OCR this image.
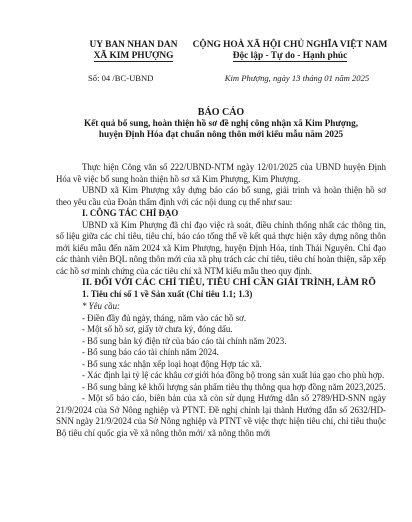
UY BAN NHAN DAN
XÃ KIM PHƯỢNG
CỘNG HOÀ XÃ HỘI CHỦ NGHĨA VIỆT NAM
Độc lập - Tự do - Hạnh phúc
Số: 04 /BC-UBND	Kim Phượng, ngày 13 tháng 01 năm 2025
BÁO CÁO
Kết quả bổ sung, hoàn thiện hồ sơ đề nghị công nhận xã Kim Phượng,
huyện Định Hóa đạt chuẩn nông thôn mới kiểu mẫu năm 2025

Thực hiện Công văn số 222/UBND-NTM ngày 12/01/2025 của UBND huyện Định Hóa về việc bổ sung hoàn thiện hồ sơ xã Kim Phượng, Kim Phượng.

UBND xã Kim Phượng xây dựng báo cáo bổ sung, giải trình và hoàn thiện hồ sơ theo yêu cầu của Đoàn thẩm định với các nội dung cụ thể như sau:

I. CÔNG TÁC CHỈ ĐẠO

UBND xã Kim Phượng đã chỉ đạo việc rà soát, điều chỉnh thống nhất các thông tin, số liệu giữa các chỉ tiêu, tiêu chí, báo cáo tổng thể về kết quả thực hiện xây dựng nông thôn mới kiểu mẫu đến năm 2024 xã Kim Phượng, huyện Định Hóa, tỉnh Thái Nguyên. Chỉ đạo các thành viên BQL nông thôn mới của xã phụ trách các chỉ tiêu, tiêu chí hoàn thiện, sắp xếp các hồ sơ minh chứng của các tiêu chí xã NTM kiểu mẫu theo quy định.

II. ĐỐI VỚI CÁC CHỈ TIÊU, TIÊU CHÍ CẦN GIẢI TRÌNH, LÀM RÕ

1. Tiêu chí số 1 về Sản xuất (Chỉ tiêu 1.1; 1.3)

* Yêu cầu:

- Điền đầy đủ ngày, tháng, năm vào các hồ sơ.

- Một số hồ sơ, giấy tờ chưa ký, đóng dấu.

- Bổ sung bản ký điện tử của báo cáo tài chính năm 2023.

- Bổ sung báo cáo tài chính năm 2024.

- Bổ sung xác nhận xếp loại hoạt động Hợp tác xã.

- Xác định lại tỷ lệ các khâu cơ giới hóa đồng bộ trong sản xuất lúa gạo cho phù hợp.

- Bổ sung bảng kê khối lượng sản phẩm tiêu thụ thông qua hợp đồng năm 2023,2025.

- Một số báo cáo, biên bản của xã còn sử dụng Hướng dẫn số 2789/HD-SNN ngày 21/9/2024 của Sở Nông nghiệp và PTNT. Đề nghị chỉnh lại thành Hướng dẫn số 2632/HD-SNN ngày 21/9/2024 của Sở Nông nghiệp và PTNT về việc thực hiện tiêu chí, chỉ tiêu thuộc Bộ tiêu chí quốc gia về xã nông thôn mới/ xã nông thôn mới
